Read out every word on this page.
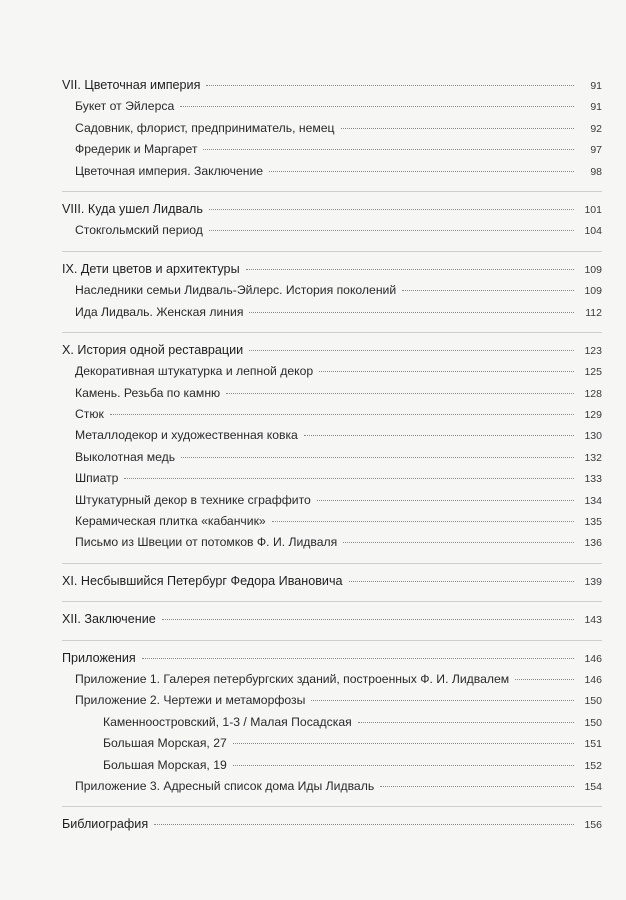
VII. Цветочная империя	91
Букет от Эйлерса	91
Садовник, флорист, предприниматель, немец	92
Фредерик и Маргарет	97
Цветочная империя. Заключение	98
VIII. Куда ушел Лидваль	101
Стокгольмский период	104
IX. Дети цветов и архитектуры	109
Наследники семьи Лидваль-Эйлерс. История поколений	109
Ида Лидваль. Женская линия	112
X. История одной реставрации	123
Декоративная штукатурка и лепной декор	125
Камень. Резьба по камню	128
Стюк	129
Металлодекор и художественная ковка	130
Выколотная медь	132
Шпиатр	133
Штукатурный декор в технике сграффито	134
Керамическая плитка «кабанчик»	135
Письмо из Швеции от потомков Ф. И. Лидваля	136
XI. Несбывшийся Петербург Федора Ивановича	139
XII. Заключение	143
Приложения	146
Приложение 1. Галерея петербургских зданий, построенных Ф. И. Лидвалем	146
Приложение 2. Чертежи и метаморфозы	150
Каменноостровский, 1-3 / Малая Посадская	150
Большая Морская, 27	151
Большая Морская, 19	152
Приложение 3. Адресный список дома Иды Лидваль	154
Библиография	156
